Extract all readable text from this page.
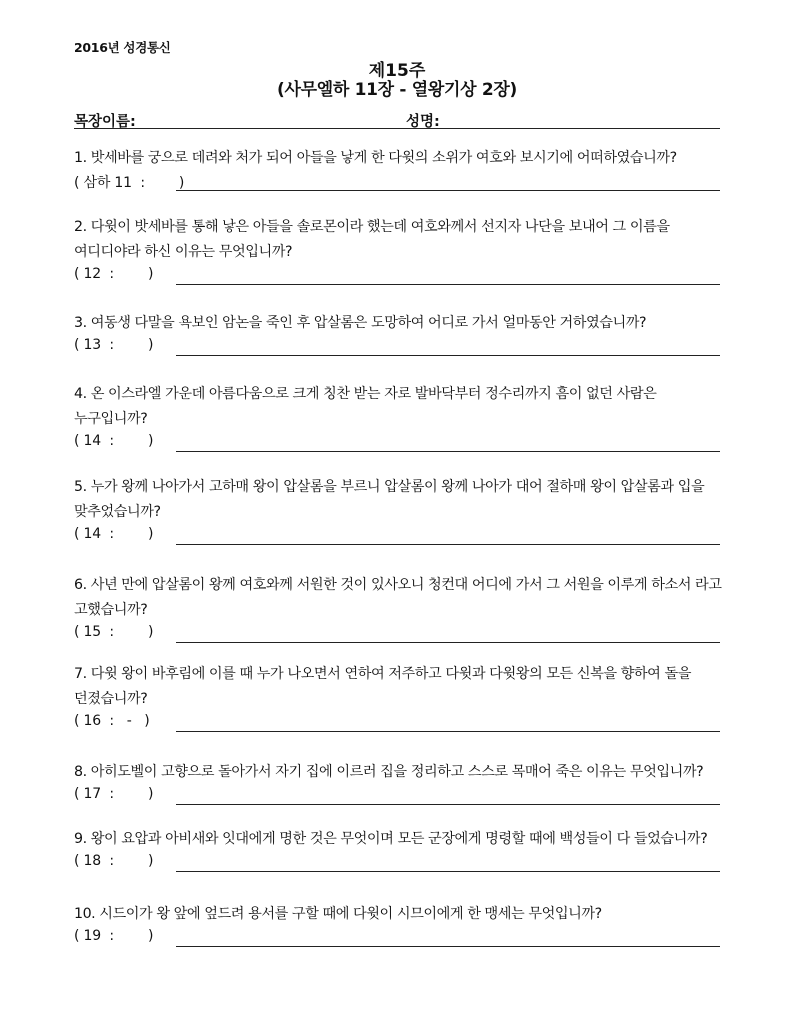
2016년 성경통신
제15주
(사무엘하 11장 - 열왕기상 2장)
목장이름:	성명:
1. 밧세바를 궁으로 데려와 처가 되어 아들을 낳게 한 다윗의 소위가 여호와 보시기에 어떠하였습니까?
( 삼하 11  :        )
2. 다윗이 밧세바를 통해 낳은 아들을 솔로몬이라 했는데 여호와께서 선지자 나단을 보내어 그 이름을 여디디야라 하신 이유는 무엇입니까?
( 12  :        )
3. 여동생 다말을 욕보인 암논을 죽인 후 압살롬은 도망하여 어디로 가서 얼마동안 거하였습니까?
( 13  :        )
4. 온 이스라엘 가운데 아름다움으로 크게 칭찬 받는 자로 발바닥부터 정수리까지 흠이 없던 사람은 누구입니까?
( 14  :        )
5. 누가 왕께 나아가서 고하매 왕이 압살롬을 부르니 압살롬이 왕께 나아가 대어 절하매 왕이 압살롬과 입을 맞추었습니까?
( 14  :        )
6. 사년 만에 압살롬이 왕께 여호와께 서원한 것이 있사오니 청컨대 어디에 가서 그 서원을 이루게 하소서 라고 고했습니까?
( 15  :        )
7. 다윗 왕이 바후림에 이를 때 누가 나오면서 연하여 저주하고 다윗과 다윗왕의 모든 신복을 향하여 돌을 던졌습니까?
( 16  :   -   )
8. 아히도벨이 고향으로 돌아가서 자기 집에 이르러 집을 정리하고 스스로 목매어 죽은 이유는 무엇입니까?
( 17  :        )
9. 왕이 요압과 아비새와 잇대에게 명한 것은 무엇이며 모든 군장에게 명령할 때에 백성들이 다 들었습니까?
( 18  :        )
10. 시드이가 왕 앞에 엎드려 용서를 구할 때에 다윗이 시므이에게 한 맹세는 무엇입니까?
( 19  :        )
